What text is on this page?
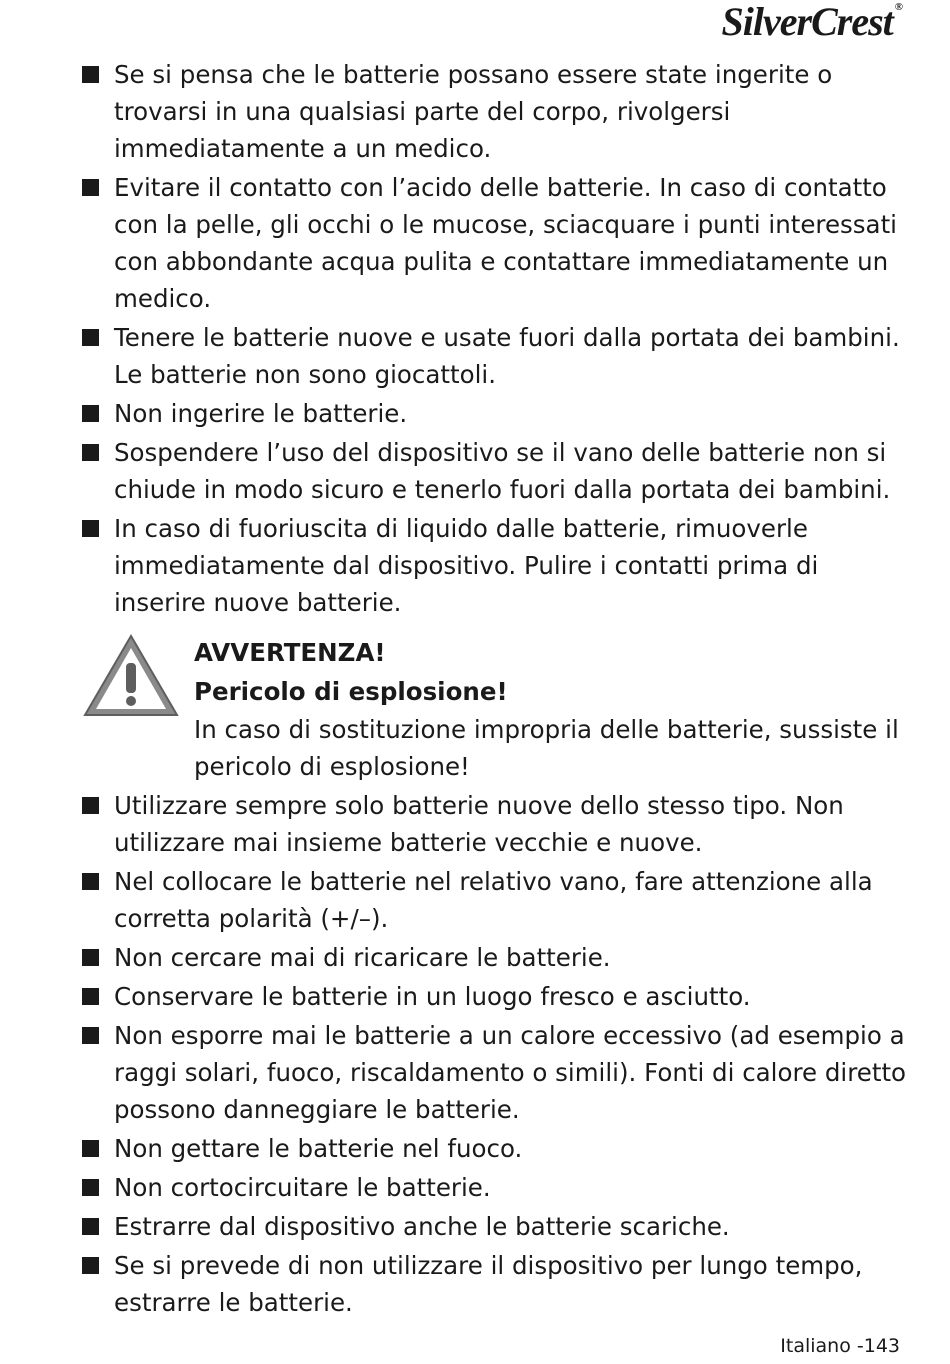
SilverCrest ®
Se si pensa che le batterie possano essere state ingerite o trovarsi in una qualsiasi parte del corpo, rivolgersi immediatamente a un medico.
Evitare il contatto con l’acido delle batterie. In caso di contatto con la pelle, gli occhi o le mucose, sciacquare i punti interessati con abbondante acqua pulita e contattare immediatamente un medico.
Tenere le batterie nuove e usate fuori dalla portata dei bambini. Le batterie non sono giocattoli.
Non ingerire le batterie.
Sospendere l’uso del dispositivo se il vano delle batterie non si chiude in modo sicuro e tenerlo fuori dalla portata dei bambini.
In caso di fuoriuscita di liquido dalle batterie, rimuoverle immediatamente dal dispositivo. Pulire i contatti prima di inserire nuove batterie.
AVVERTENZA!
Pericolo di esplosione!
In caso di sostituzione impropria delle batterie, sussiste il pericolo di esplosione!
Utilizzare sempre solo batterie nuove dello stesso tipo. Non utilizzare mai insieme batterie vecchie e nuove.
Nel collocare le batterie nel relativo vano, fare attenzione alla corretta polarità (+/–).
Non cercare mai di ricaricare le batterie.
Conservare le batterie in un luogo fresco e asciutto.
Non esporre mai le batterie a un calore eccessivo (ad esempio a raggi solari, fuoco, riscaldamento o simili). Fonti di calore diretto possono danneggiare le batterie.
Non gettare le batterie nel fuoco.
Non cortocircuitare le batterie.
Estrarre dal dispositivo anche le batterie scariche.
Se si prevede di non utilizzare il dispositivo per lungo tempo, estrarre le batterie.
Italiano -143
